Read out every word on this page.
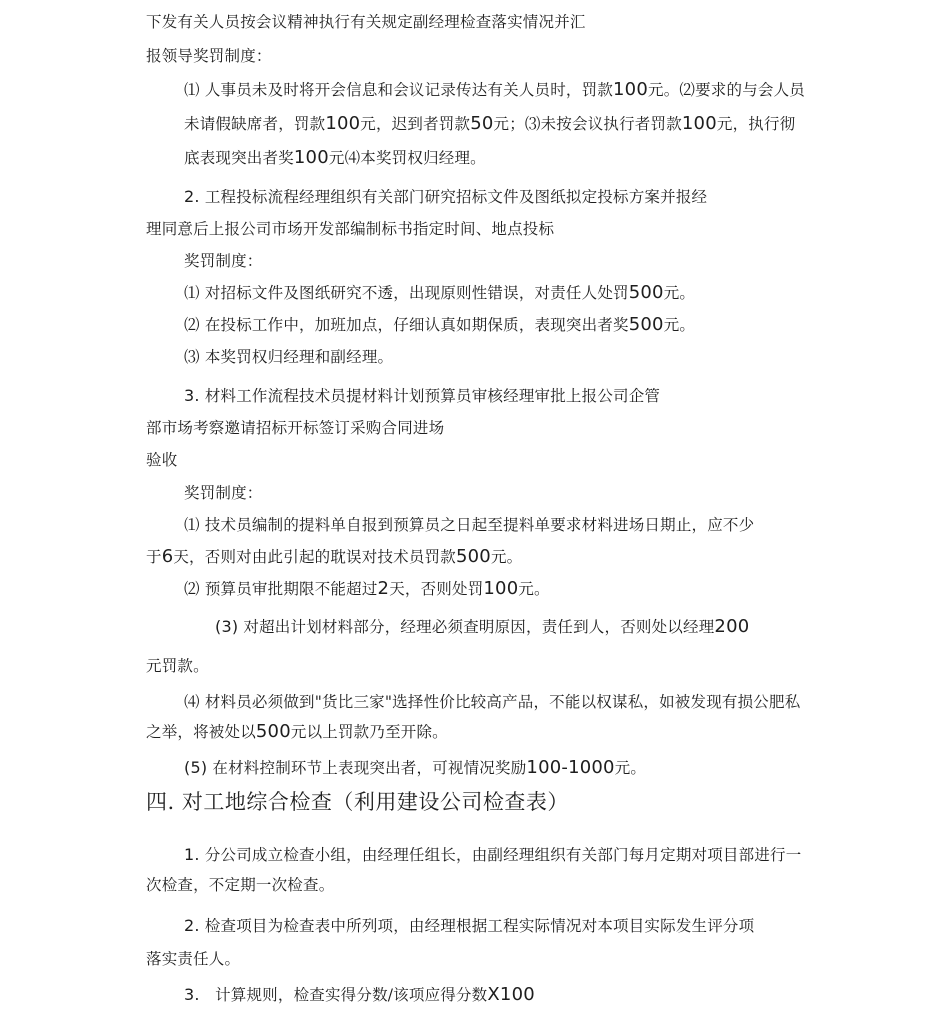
下发有关人员按会议精神执行有关规定副经理检查落实情况并汇
报领导奖罚制度：
⑴ 人事员未及时将开会信息和会议记录传达有关人员时，罚款100元。⑵要求的与会人员
未请假缺席者，罚款100元，迟到者罚款50元；⑶未按会议执行者罚款100元，执行彻
底表现突出者奖100元⑷本奖罚权归经理。
2. 工程投标流程经理组织有关部门研究招标文件及图纸拟定投标方案并报经
理同意后上报公司市场开发部编制标书指定时间、地点投标
奖罚制度：
⑴ 对招标文件及图纸研究不透，出现原则性错误，对责任人处罚500元。
⑵ 在投标工作中，加班加点，仔细认真如期保质，表现突出者奖500元。
⑶ 本奖罚权归经理和副经理。
3. 材料工作流程技术员提材料计划预算员审核经理审批上报公司企管
部市场考察邀请招标开标签订采购合同进场
验收
奖罚制度：
⑴ 技术员编制的提料单自报到预算员之日起至提料单要求材料进场日期止，应不少
于6天，否则对由此引起的耽误对技术员罚款500元。
⑵ 预算员审批期限不能超过2天，否则处罚100元。
(3) 对超出计划材料部分，经理必须查明原因，责任到人，否则处以经理200
元罚款。
⑷ 材料员必须做到"货比三家"选择性价比较高产品，不能以权谋私，如被发现有损公肥私
之举，将被处以500元以上罚款乃至开除。
(5) 在材料控制环节上表现突出者，可视情况奖励100-1000元。
四. 对工地综合检查（利用建设公司检查表）
1. 分公司成立检查小组，由经理任组长，由副经理组织有关部门每月定期对项目部进行一
次检查，不定期一次检查。
2. 检查项目为检查表中所列项，由经理根据工程实际情况对本项目实际发生评分项
落实责任人。
3. 计算规则，检查实得分数/该项应得分数X100
